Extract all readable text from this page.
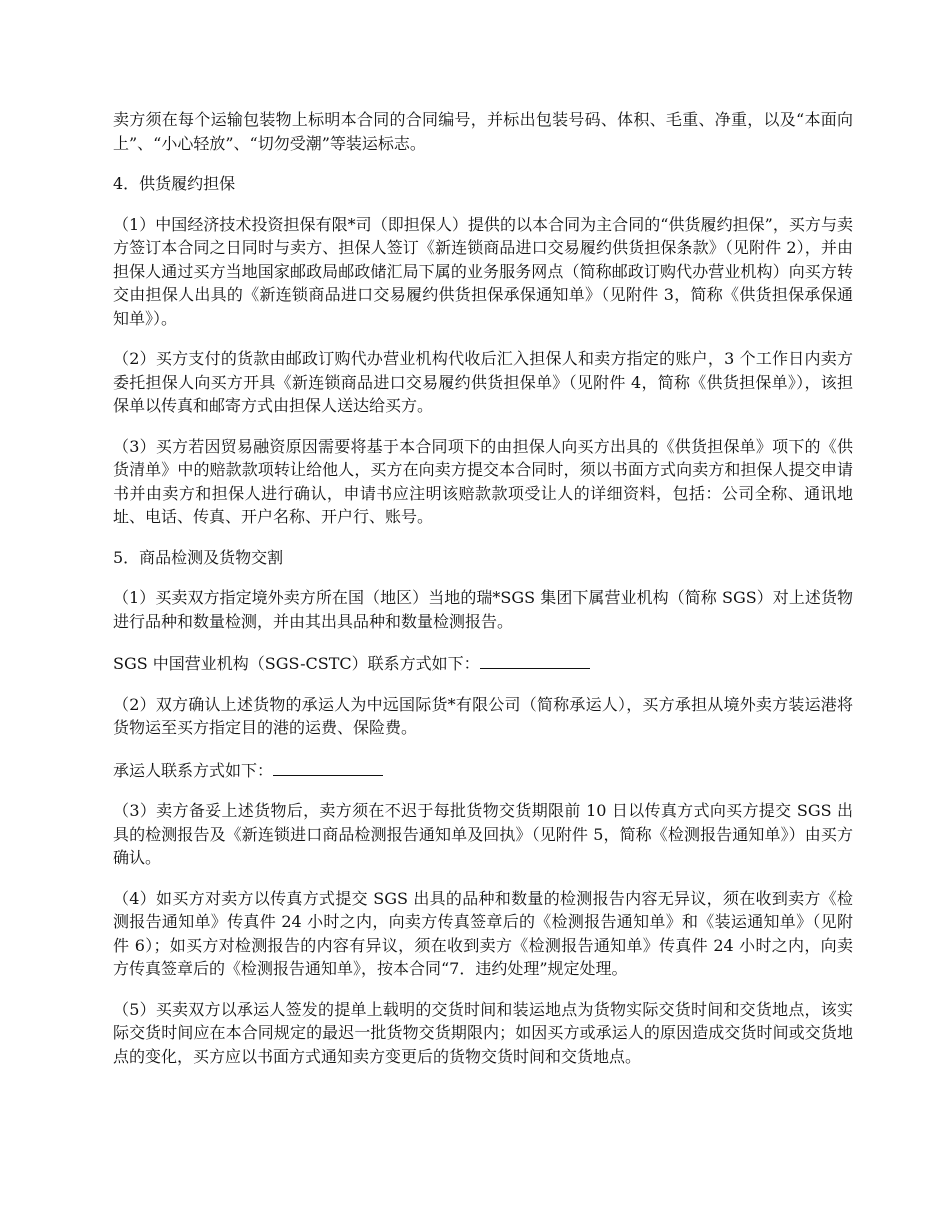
卖方须在每个运输包装物上标明本合同的合同编号，并标出包装号码、体积、毛重、净重，以及“本面向上”、“小心轻放”、“切勿受潮”等装运标志。

4．供货履约担保

（1）中国经济技术投资担保有限*司（即担保人）提供的以本合同为主合同的“供货履约担保”，买方与卖方签订本合同之日同时与卖方、担保人签订《新连锁商品进口交易履约供货担保条款》（见附件 2），并由担保人通过买方当地国家邮政局邮政储汇局下属的业务服务网点（简称邮政订购代办营业机构）向买方转交由担保人出具的《新连锁商品进口交易履约供货担保承保通知单》（见附件 3，简称《供货担保承保通知单》）。

（2）买方支付的货款由邮政订购代办营业机构代收后汇入担保人和卖方指定的账户，3 个工作日内卖方委托担保人向买方开具《新连锁商品进口交易履约供货担保单》（见附件 4，简称《供货担保单》），该担保单以传真和邮寄方式由担保人送达给买方。

（3）买方若因贸易融资原因需要将基于本合同项下的由担保人向买方出具的《供货担保单》项下的《供货清单》中的赔款款项转让给他人，买方在向卖方提交本合同时，须以书面方式向卖方和担保人提交申请书并由卖方和担保人进行确认，申请书应注明该赔款款项受让人的详细资料，包括：公司全称、通讯地址、电话、传真、开户名称、开户行、账号。

5．商品检测及货物交割

（1）买卖双方指定境外卖方所在国（地区）当地的瑞*SGS 集团下属营业机构（简称 SGS）对上述货物进行品种和数量检测，并由其出具品种和数量检测报告。

SGS 中国营业机构（SGS-CSTC）联系方式如下：

（2）双方确认上述货物的承运人为中远国际货*有限公司（简称承运人），买方承担从境外卖方装运港将货物运至买方指定目的港的运费、保险费。

承运人联系方式如下：

（3）卖方备妥上述货物后，卖方须在不迟于每批货物交货期限前 10 日以传真方式向买方提交 SGS 出具的检测报告及《新连锁进口商品检测报告通知单及回执》（见附件 5，简称《检测报告通知单》）由买方确认。

（4）如买方对卖方以传真方式提交 SGS 出具的品种和数量的检测报告内容无异议，须在收到卖方《检测报告通知单》传真件 24 小时之内，向卖方传真签章后的《检测报告通知单》和《装运通知单》（见附件 6）；如买方对检测报告的内容有异议，须在收到卖方《检测报告通知单》传真件 24 小时之内，向卖方传真签章后的《检测报告通知单》，按本合同“7．违约处理”规定处理。

（5）买卖双方以承运人签发的提单上载明的交货时间和装运地点为货物实际交货时间和交货地点，该实际交货时间应在本合同规定的最迟一批货物交货期限内；如因买方或承运人的原因造成交货时间或交货地点的变化，买方应以书面方式通知卖方变更后的货物交货时间和交货地点。
